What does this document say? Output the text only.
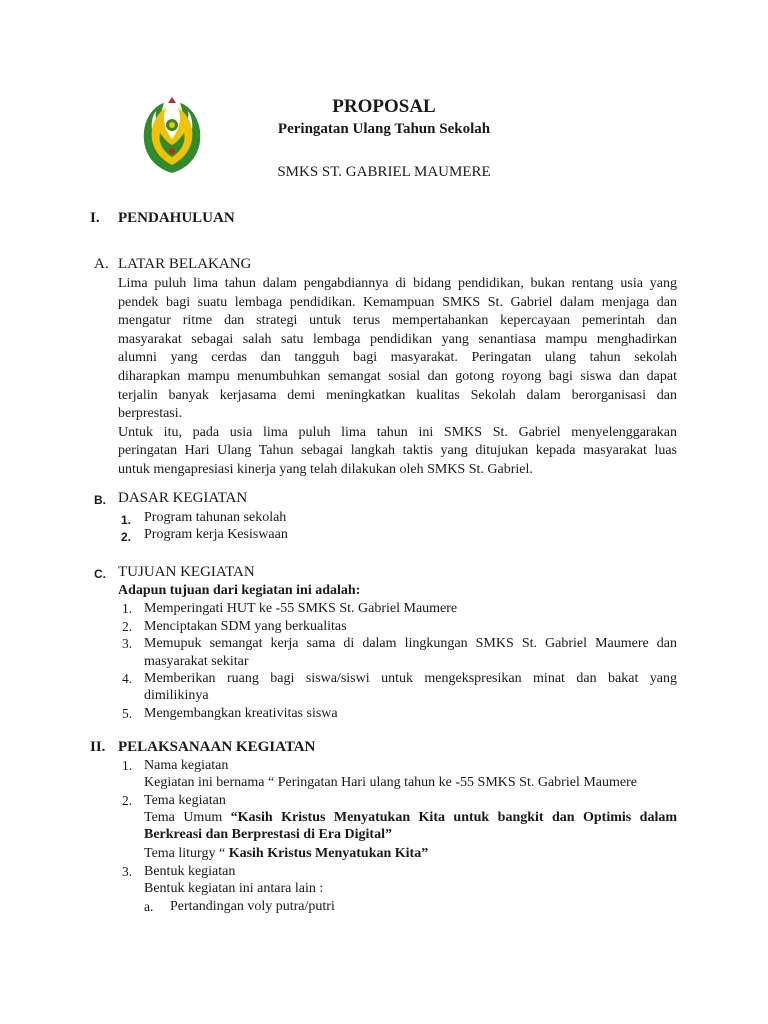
PROPOSAL
Peringatan Ulang Tahun Sekolah
SMKS ST. GABRIEL MAUMERE
I. PENDAHULUAN
A. LATAR BELAKANG
Lima puluh lima tahun dalam pengabdiannya di bidang pendidikan, bukan rentang usia yang
pendek bagi suatu lembaga pendidikan. Kemampuan SMKS St. Gabriel dalam menjaga dan
mengatur ritme dan strategi untuk terus mempertahankan kepercayaan pemerintah dan
masyarakat sebagai salah satu lembaga pendidikan yang senantiasa mampu menghadirkan
alumni yang cerdas dan tangguh bagi masyarakat. Peringatan ulang tahun sekolah
diharapkan mampu menumbuhkan semangat sosial dan gotong royong bagi siswa dan dapat
terjalin banyak kerjasama demi meningkatkan kualitas Sekolah dalam berorganisasi dan
berprestasi.
Untuk itu, pada usia lima puluh lima tahun ini SMKS St. Gabriel menyelenggarakan
peringatan Hari Ulang Tahun sebagai langkah taktis yang ditujukan kepada masyarakat luas
untuk mengapresiasi kinerja yang telah dilakukan oleh SMKS St. Gabriel.
B. DASAR KEGIATAN
1. Program tahunan sekolah
2. Program kerja Kesiswaan
C. TUJUAN KEGIATAN
Adapun tujuan dari kegiatan ini adalah:
1. Memperingati HUT ke -55 SMKS St. Gabriel Maumere
2. Menciptakan SDM yang berkualitas
3. Memupuk semangat kerja sama di dalam lingkungan SMKS St. Gabriel Maumere dan
masyarakat sekitar
4. Memberikan ruang bagi siswa/siswi untuk mengekspresikan minat dan bakat yang
dimilikinya
5. Mengembangkan kreativitas siswa
II. PELAKSANAAN KEGIATAN
1. Nama kegiatan
Kegiatan ini bernama “ Peringatan Hari ulang tahun ke -55 SMKS St. Gabriel Maumere
2. Tema kegiatan
Tema Umum “Kasih Kristus Menyatukan Kita untuk bangkit dan Optimis dalam
Berkreasi dan Berprestasi di Era Digital”
Tema liturgy “ Kasih Kristus Menyatukan Kita”
3. Bentuk kegiatan
Bentuk kegiatan ini antara lain :
a. Pertandingan voly putra/putri
